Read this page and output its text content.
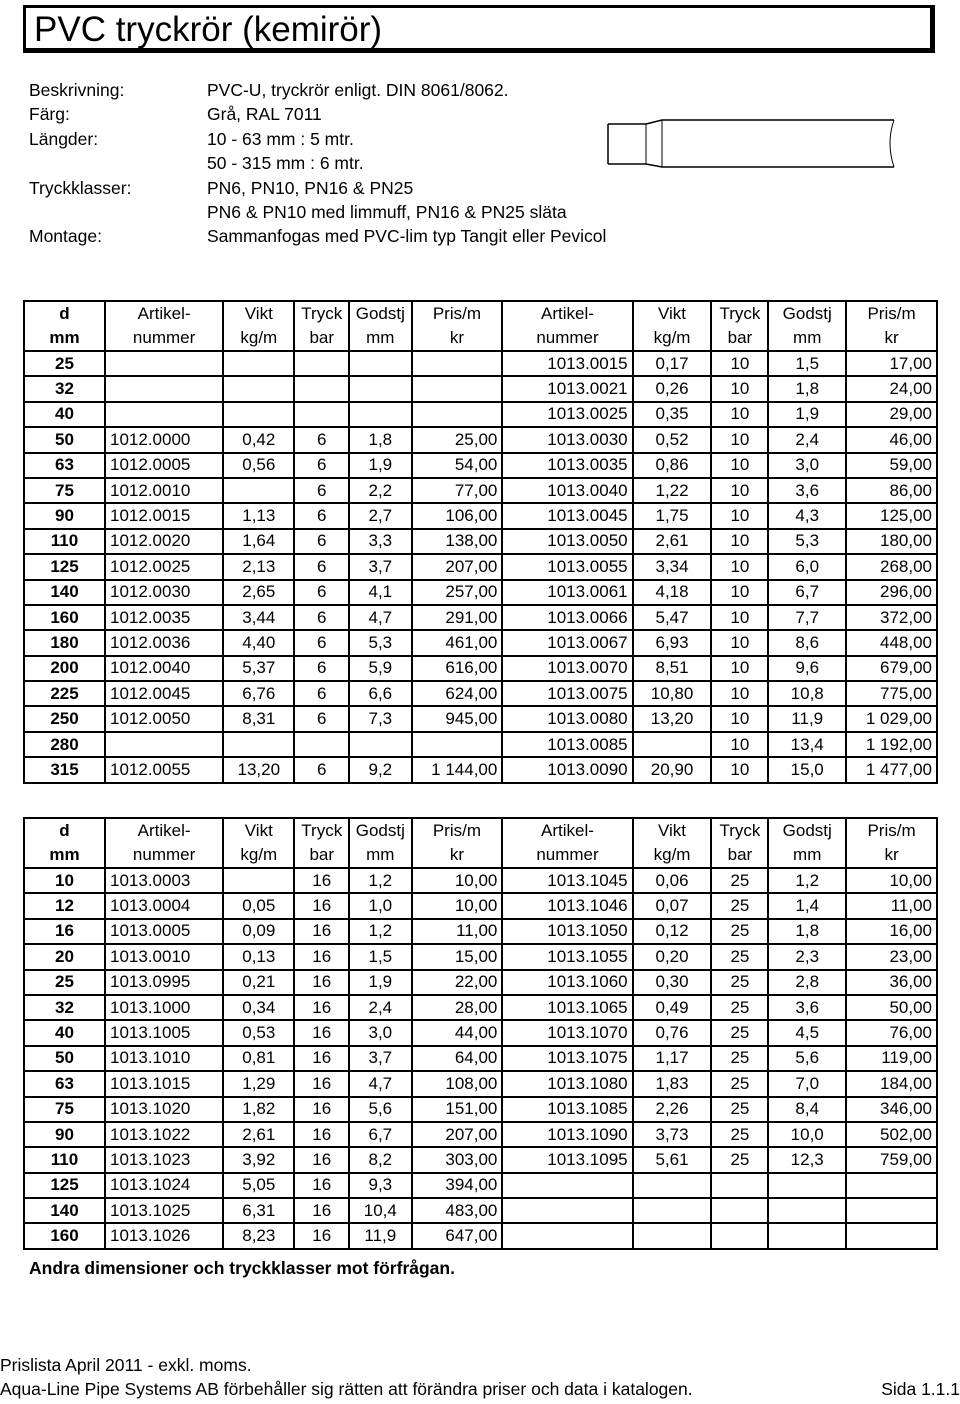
PVC tryckrör (kemirör)
Beskrivning:	PVC-U, tryckrör enligt. DIN 8061/8062.
Färg:	Grå, RAL 7011
Längder:	10 - 63 mm : 5 mtr.
50 - 315 mm : 6 mtr.
Tryckklasser:	PN6, PN10, PN16 & PN25
PN6 & PN10 med limmuff, PN16 & PN25 släta
Montage:	Sammanfogas med PVC-lim typ Tangit eller Pevicol
d	Artikel-	Vikt	Tryck	Godstj	Pris/m	Artikel-	Vikt	Tryck	Godstj	Pris/m
mm	nummer	kg/m	bar	mm	kr	nummer	kg/m	bar	mm	kr
25						1013.0015	0,17	10	1,5	17,00
32						1013.0021	0,26	10	1,8	24,00
40						1013.0025	0,35	10	1,9	29,00
50	1012.0000	0,42	6	1,8	25,00	1013.0030	0,52	10	2,4	46,00
63	1012.0005	0,56	6	1,9	54,00	1013.0035	0,86	10	3,0	59,00
75	1012.0010		6	2,2	77,00	1013.0040	1,22	10	3,6	86,00
90	1012.0015	1,13	6	2,7	106,00	1013.0045	1,75	10	4,3	125,00
110	1012.0020	1,64	6	3,3	138,00	1013.0050	2,61	10	5,3	180,00
125	1012.0025	2,13	6	3,7	207,00	1013.0055	3,34	10	6,0	268,00
140	1012.0030	2,65	6	4,1	257,00	1013.0061	4,18	10	6,7	296,00
160	1012.0035	3,44	6	4,7	291,00	1013.0066	5,47	10	7,7	372,00
180	1012.0036	4,40	6	5,3	461,00	1013.0067	6,93	10	8,6	448,00
200	1012.0040	5,37	6	5,9	616,00	1013.0070	8,51	10	9,6	679,00
225	1012.0045	6,76	6	6,6	624,00	1013.0075	10,80	10	10,8	775,00
250	1012.0050	8,31	6	7,3	945,00	1013.0080	13,20	10	11,9	1 029,00
280						1013.0085		10	13,4	1 192,00
315	1012.0055	13,20	6	9,2	1 144,00	1013.0090	20,90	10	15,0	1 477,00
d	Artikel-	Vikt	Tryck	Godstj	Pris/m	Artikel-	Vikt	Tryck	Godstj	Pris/m
mm	nummer	kg/m	bar	mm	kr	nummer	kg/m	bar	mm	kr
10	1013.0003		16	1,2	10,00	1013.1045	0,06	25	1,2	10,00
12	1013.0004	0,05	16	1,0	10,00	1013.1046	0,07	25	1,4	11,00
16	1013.0005	0,09	16	1,2	11,00	1013.1050	0,12	25	1,8	16,00
20	1013.0010	0,13	16	1,5	15,00	1013.1055	0,20	25	2,3	23,00
25	1013.0995	0,21	16	1,9	22,00	1013.1060	0,30	25	2,8	36,00
32	1013.1000	0,34	16	2,4	28,00	1013.1065	0,49	25	3,6	50,00
40	1013.1005	0,53	16	3,0	44,00	1013.1070	0,76	25	4,5	76,00
50	1013.1010	0,81	16	3,7	64,00	1013.1075	1,17	25	5,6	119,00
63	1013.1015	1,29	16	4,7	108,00	1013.1080	1,83	25	7,0	184,00
75	1013.1020	1,82	16	5,6	151,00	1013.1085	2,26	25	8,4	346,00
90	1013.1022	2,61	16	6,7	207,00	1013.1090	3,73	25	10,0	502,00
110	1013.1023	3,92	16	8,2	303,00	1013.1095	5,61	25	12,3	759,00
125	1013.1024	5,05	16	9,3	394,00					
140	1013.1025	6,31	16	10,4	483,00					
160	1013.1026	8,23	16	11,9	647,00					
Andra dimensioner och tryckklasser mot förfrågan.
Prislista April 2011 - exkl. moms.
Aqua-Line Pipe Systems AB förbehåller sig rätten att förändra priser och data i katalogen.	Sida 1.1.1
